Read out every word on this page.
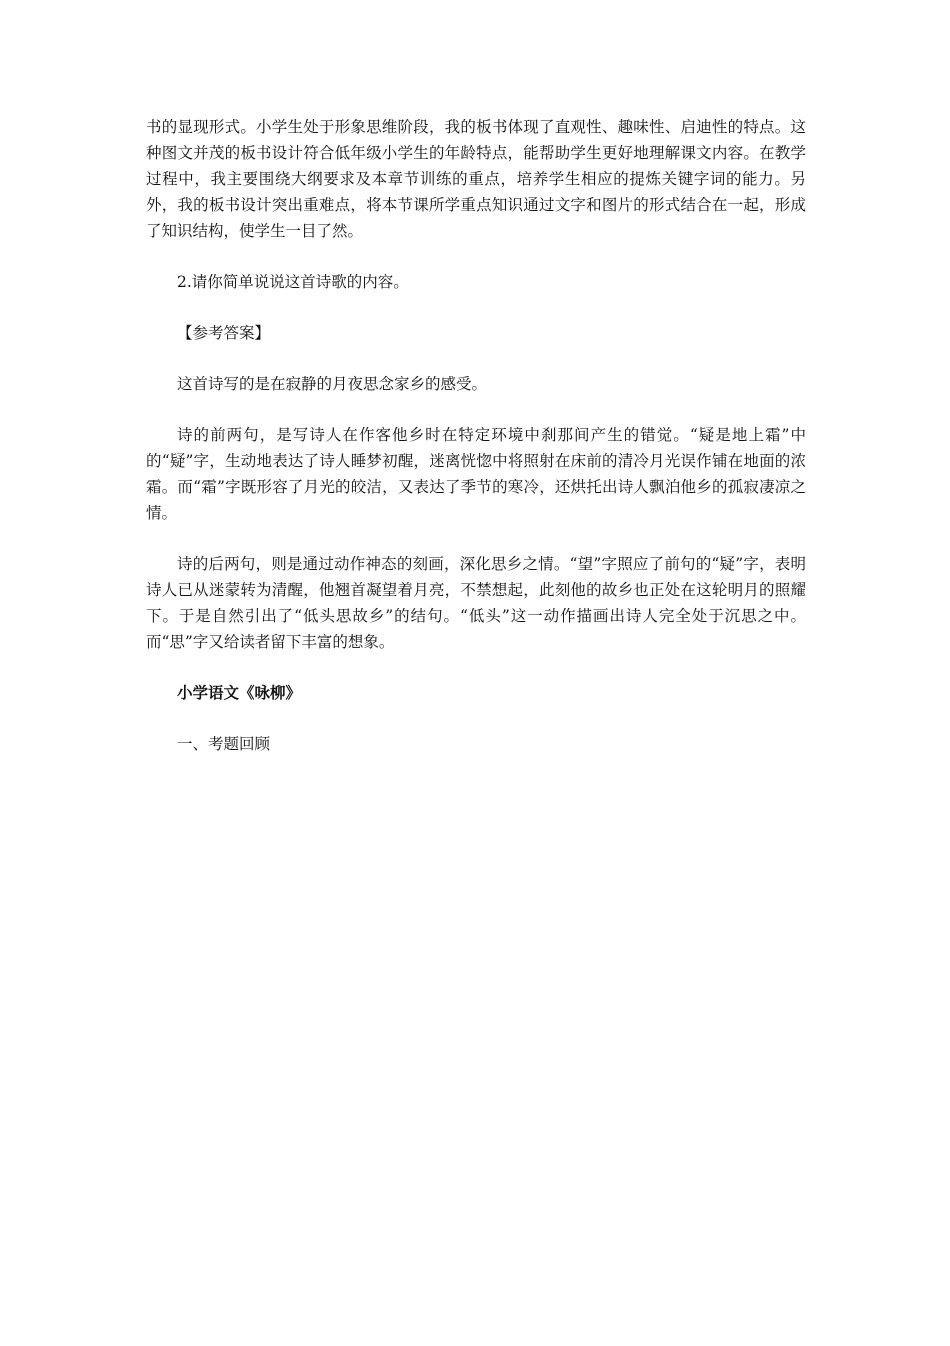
书的显现形式。小学生处于形象思维阶段，我的板书体现了直观性、趣味性、启迪性的特点。这种图文并茂的板书设计符合低年级小学生的年龄特点，能帮助学生更好地理解课文内容。在教学过程中，我主要围绕大纲要求及本章节训练的重点，培养学生相应的提炼关键字词的能力。另外，我的板书设计突出重难点，将本节课所学重点知识通过文字和图片的形式结合在一起，形成了知识结构，使学生一目了然。

2.请你简单说说这首诗歌的内容。

【参考答案】

这首诗写的是在寂静的月夜思念家乡的感受。

诗的前两句，是写诗人在作客他乡时在特定环境中刹那间产生的错觉。“疑是地上霜”中的“疑”字，生动地表达了诗人睡梦初醒，迷离恍惚中将照射在床前的清冷月光误作铺在地面的浓霜。而“霜”字既形容了月光的皎洁，又表达了季节的寒冷，还烘托出诗人飘泊他乡的孤寂凄凉之情。

诗的后两句，则是通过动作神态的刻画，深化思乡之情。“望”字照应了前句的“疑”字，表明诗人已从迷蒙转为清醒，他翘首凝望着月亮，不禁想起，此刻他的故乡也正处在这轮明月的照耀下。于是自然引出了“低头思故乡”的结句。“低头”这一动作描画出诗人完全处于沉思之中。而“思”字又给读者留下丰富的想象。

小学语文《咏柳》

一、考题回顾
